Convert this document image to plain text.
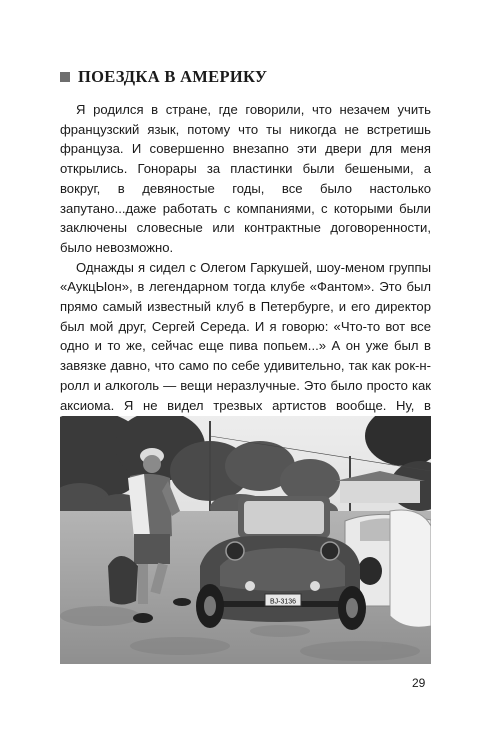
ПОЕЗДКА В АМЕРИКУ

Я родился в стране, где говорили, что незачем учить французский язык, потому что ты никогда не встретишь француза. И совершенно внезапно эти двери для меня открылись. Гонорары за пластинки были бешеными, а вокруг, в девяностые годы, все было настолько запутано...даже работать с компаниями, с которыми были заключены словесные или контрактные договоренности, было невозможно.

Однажды я сидел с Олегом Гаркушей, шоу-меном группы «АукцЫон», в легендарном тогда клубе «Фантом». Это был прямо самый известный клуб в Петербурге, и его директор был мой друг, Сергей Середа. И я говорю: «Что-то вот все одно и то же, сейчас еще пива попьем...» А он уже был в завязке давно, что само по себе удивительно, так как рок-н-ролл и алкоголь — вещи неразлучные. Это было просто как аксиома. Я не видел трезвых артистов вообще. Ну, в

ВЈ-3136
29
